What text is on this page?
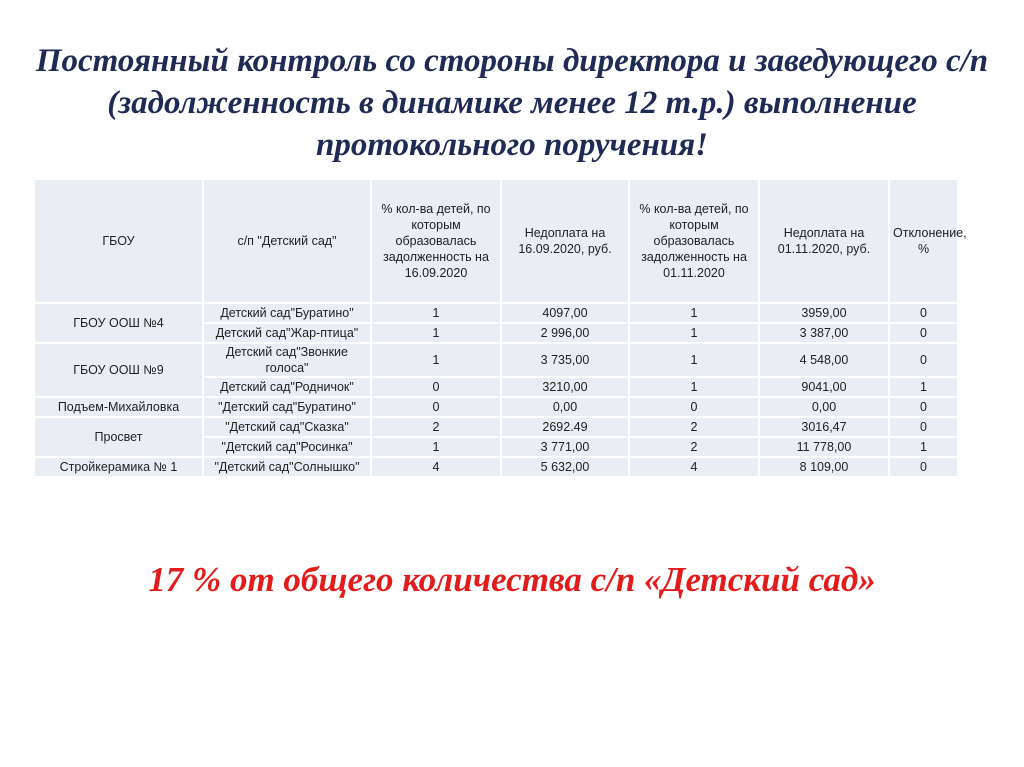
Постоянный контроль со стороны директора и заведующего с/п (задолженность в динамике менее 12 т.р.) выполнение протокольного поручения!
ГБОУ	с/п "Детский сад"	% кол-ва детей, по которым образовалась задолженность на 16.09.2020	Недоплата на 16.09.2020, руб.	% кол-ва детей, по которым образовалась задолженность на 01.11.2020	Недоплата на 01.11.2020, руб.	Отклонение, %
ГБОУ ООШ №4	Детский сад"Буратино"	1	4097,00	1	3959,00	0
	Детский сад"Жар-птица"	1	2 996,00	1	3 387,00	0
ГБОУ ООШ №9	Детский сад"Звонкие голоса"	1	3 735,00	1	4 548,00	0
	Детский сад"Родничок"	0	3210,00	1	9041,00	1
Подъем-Михайловка	"Детский сад"Буратино"	0	0,00	0	0,00	0
Просвет	"Детский сад"Сказка"	2	2692.49	2	3016,47	0
	"Детский сад"Росинка"	1	3 771,00	2	11 778,00	1
Стройкерамика № 1	"Детский сад"Солнышко"	4	5 632,00	4	8 109,00	0

17 % от общего количества с/п «Детский сад»
